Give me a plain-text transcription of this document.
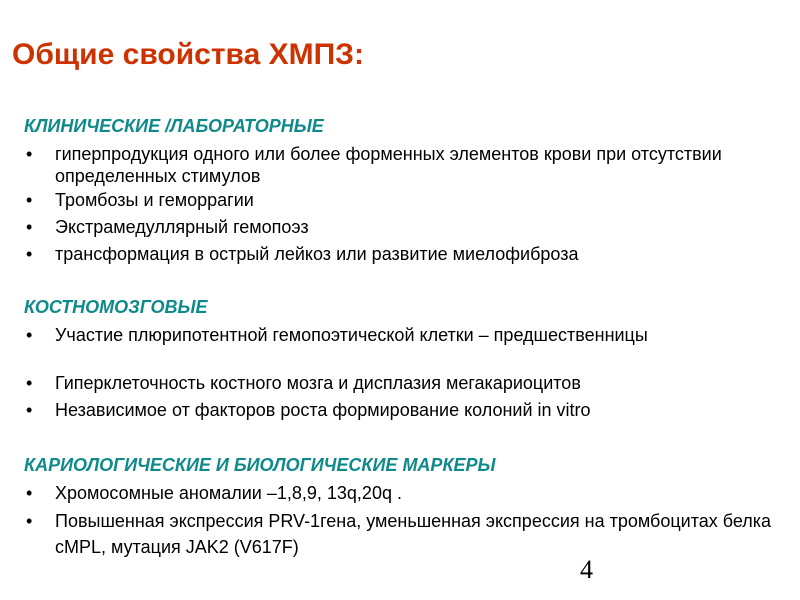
Общие свойства ХМПЗ:
КЛИНИЧЕСКИЕ /ЛАБОРАТОРНЫЕ
• гиперпродукция одного или более форменных элементов крови при отсутствии определенных стимулов
• Тромбозы и геморрагии
• Экстрамедуллярный гемопоэз
• трансформация в острый лейкоз или развитие миелофиброза
КОСТНОМОЗГОВЫЕ
• Участие плюрипотентной гемопоэтической клетки – предшественницы
• Гиперклеточность костного мозга и дисплазия мегакариоцитов
• Независимое от факторов роста формирование колоний in vitro
КАРИОЛОГИЧЕСКИЕ И БИОЛОГИЧЕСКИЕ МАРКЕРЫ
• Хромосомные аномалии –1,8,9, 13q,20q .
• Повышенная экспрессия PRV-1гена, уменьшенная экспрессия на тромбоцитах белка cMPL, мутация JAK2 (V617F)
4
